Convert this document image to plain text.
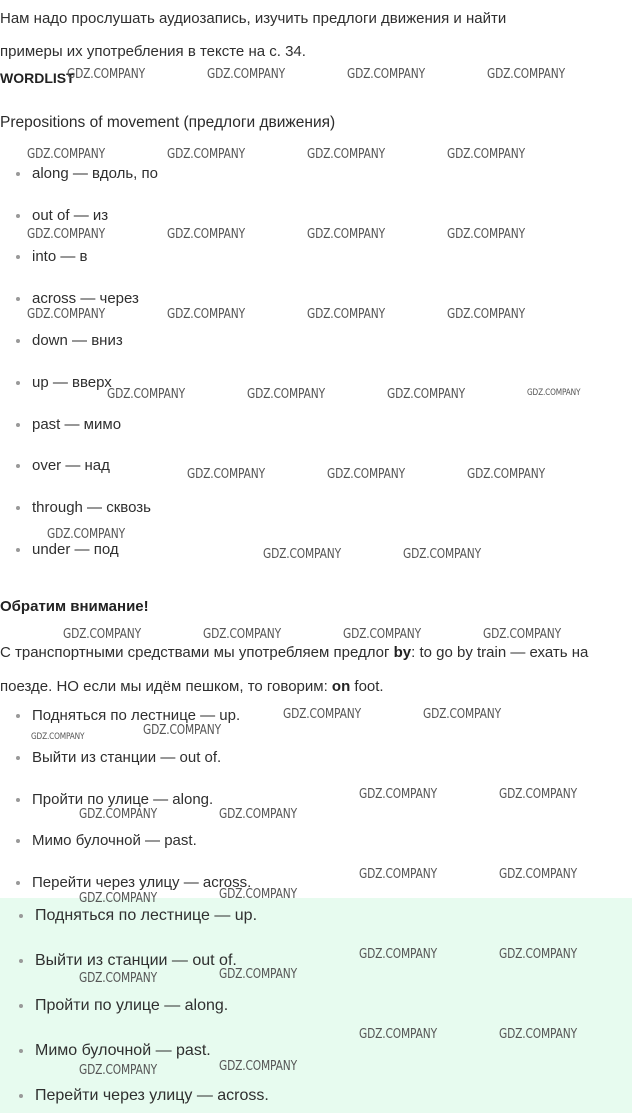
Нам надо прослушать аудиозапись, изучить предлоги движения и найти

примеры их употребления в тексте на с. 34.

WORDLIST
Prepositions of movement (предлоги движения)
along — вдоль, по
out of — из
into — в
across — через
down — вниз
up — вверх
past — мимо
over — над
through — сквозь
under — под
Обратим внимание!

С транспортными средствами мы употребляем предлог by: to go by train — ехать на поезде. НО если мы идём пешком, то говорим: on foot.

Подняться по лестнице — up.
Выйти из станции — out of.
Пройти по улице — along.
Мимо булочной — past.
Перейти через улицу — across.
Подняться по лестнице — up.
Выйти из станции — out of.
Пройти по улице — along.
Мимо булочной — past.
Перейти через улицу — across.
GDZ.COMPANY	GDZ.COMPANY	GDZ.COMPANY	GDZ.COMPANY
GDZ.COMPANY	GDZ.COMPANY	GDZ.COMPANY	GDZ.COMPANY
GDZ.COMPANY	GDZ.COMPANY	GDZ.COMPANY	GDZ.COMPANY
GDZ.COMPANY	GDZ.COMPANY	GDZ.COMPANY	GDZ.COMPANY
GDZ.COMPANY	GDZ.COMPANY	GDZ.COMPANY	GDZ.COMPANY
GDZ.COMPANY	GDZ.COMPANY	GDZ.COMPANY
GDZ.COMPANY
GDZ.COMPANY	GDZ.COMPANY
GDZ.COMPANY	GDZ.COMPANY	GDZ.COMPANY	GDZ.COMPANY
GDZ.COMPANY	GDZ.COMPANY
GDZ.COMPANY
GDZ.COMPANY
GDZ.COMPANY	GDZ.COMPANY
GDZ.COMPANY	GDZ.COMPANY
GDZ.COMPANY	GDZ.COMPANY
GDZ.COMPANY	GDZ.COMPANY
GDZ.COMPANY	GDZ.COMPANY
GDZ.COMPANY	GDZ.COMPANY
GDZ.COMPANY	GDZ.COMPANY
GDZ.COMPANY	GDZ.COMPANY
